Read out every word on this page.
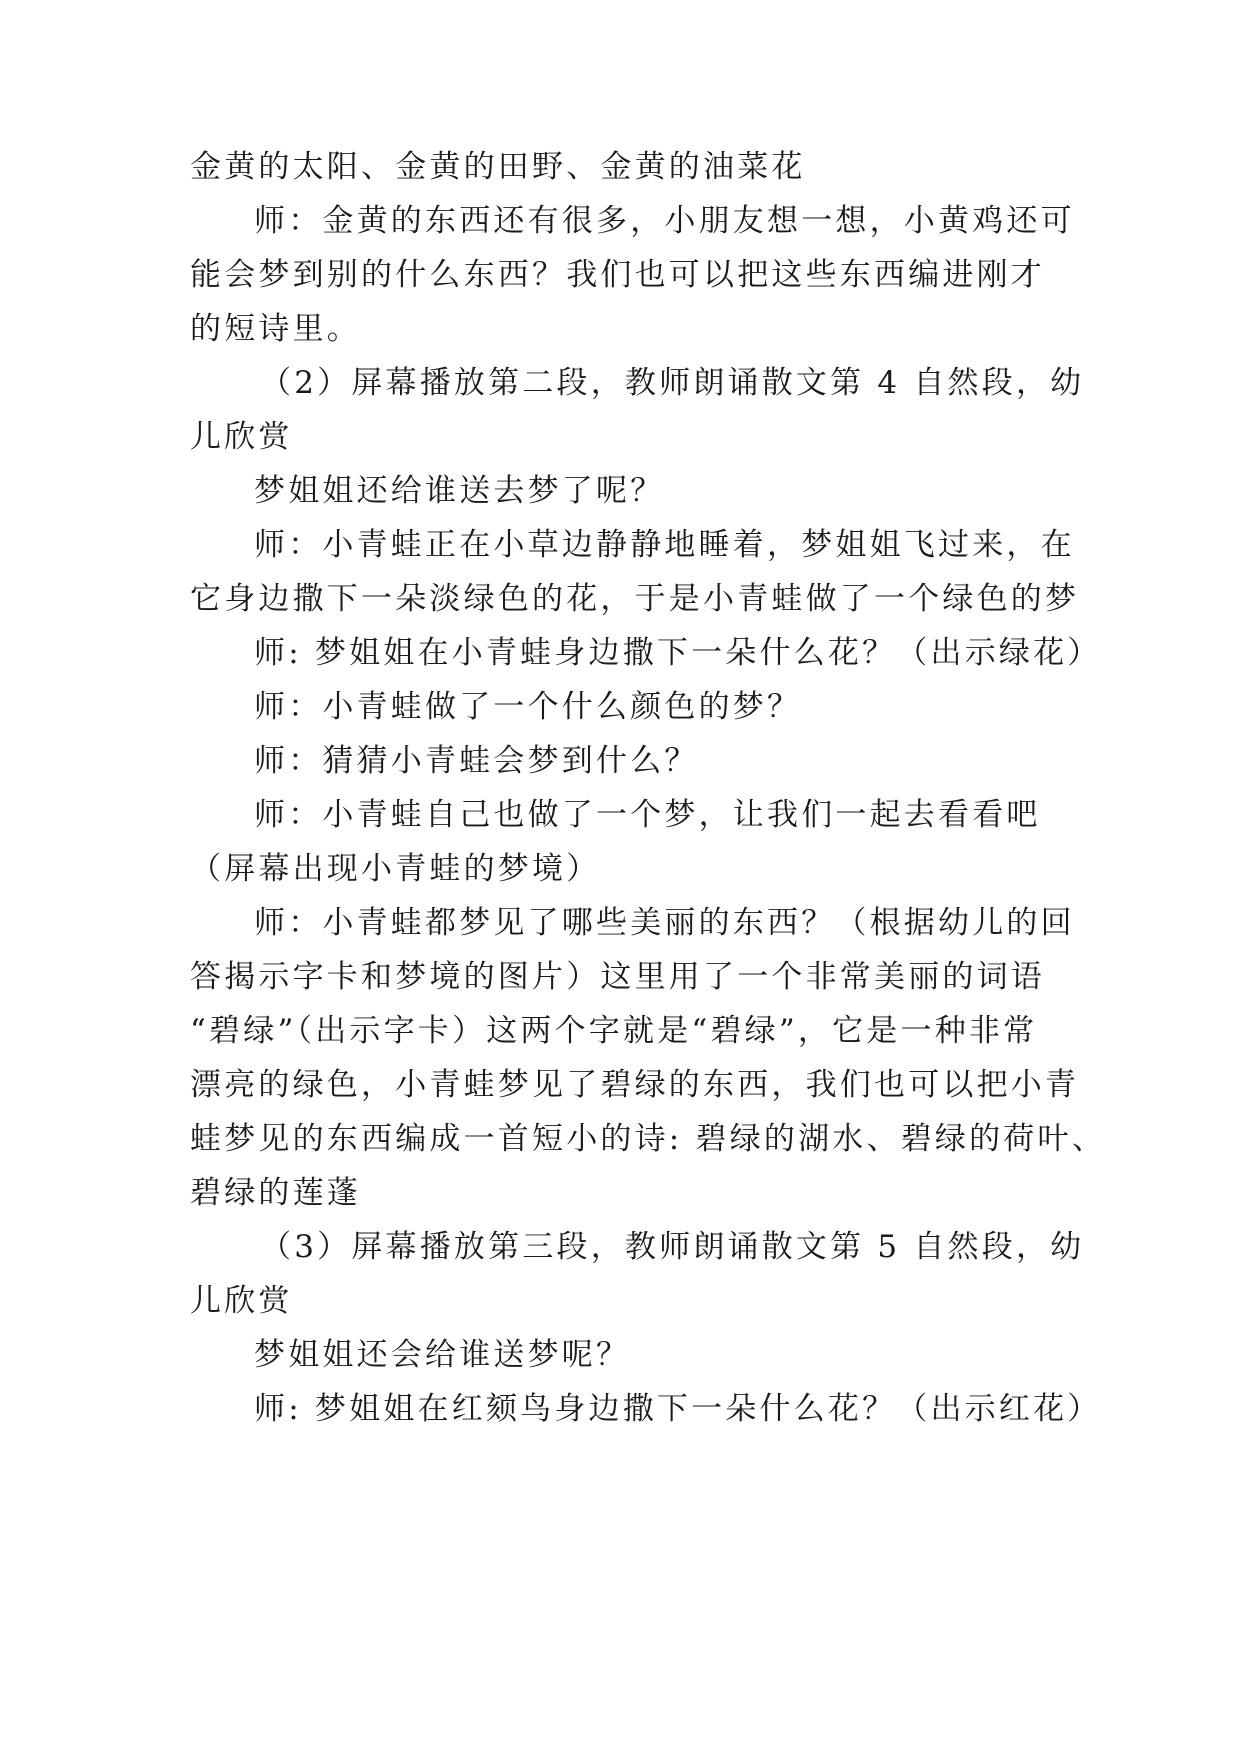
金黄的太阳、金黄的田野、金黄的油菜花
师：金黄的东西还有很多，小朋友想一想，小黄鸡还可
能会梦到别的什么东西？我们也可以把这些东西编进刚才
的短诗里。
（2）屏幕播放第二段，教师朗诵散文第 4 自然段，幼
儿欣赏
梦姐姐还给谁送去梦了呢？
师：小青蛙正在小草边静静地睡着，梦姐姐飞过来，在
它身边撒下一朵淡绿色的花，于是小青蛙做了一个绿色的梦
师: 梦姐姐在小青蛙身边撒下一朵什么花？（出示绿花）
师：小青蛙做了一个什么颜色的梦？
师：猜猜小青蛙会梦到什么？
师：小青蛙自己也做了一个梦，让我们一起去看看吧
（屏幕出现小青蛙的梦境）
师：小青蛙都梦见了哪些美丽的东西？（根据幼儿的回
答揭示字卡和梦境的图片）这里用了一个非常美丽的词语
“碧绿”（出示字卡）这两个字就是“碧绿”，它是一种非常
漂亮的绿色，小青蛙梦见了碧绿的东西，我们也可以把小青
蛙梦见的东西编成一首短小的诗: 碧绿的湖水、碧绿的荷叶、
碧绿的莲蓬
（3）屏幕播放第三段，教师朗诵散文第 5 自然段，幼
儿欣赏
梦姐姐还会给谁送梦呢？
师: 梦姐姐在红颏鸟身边撒下一朵什么花？（出示红花）
